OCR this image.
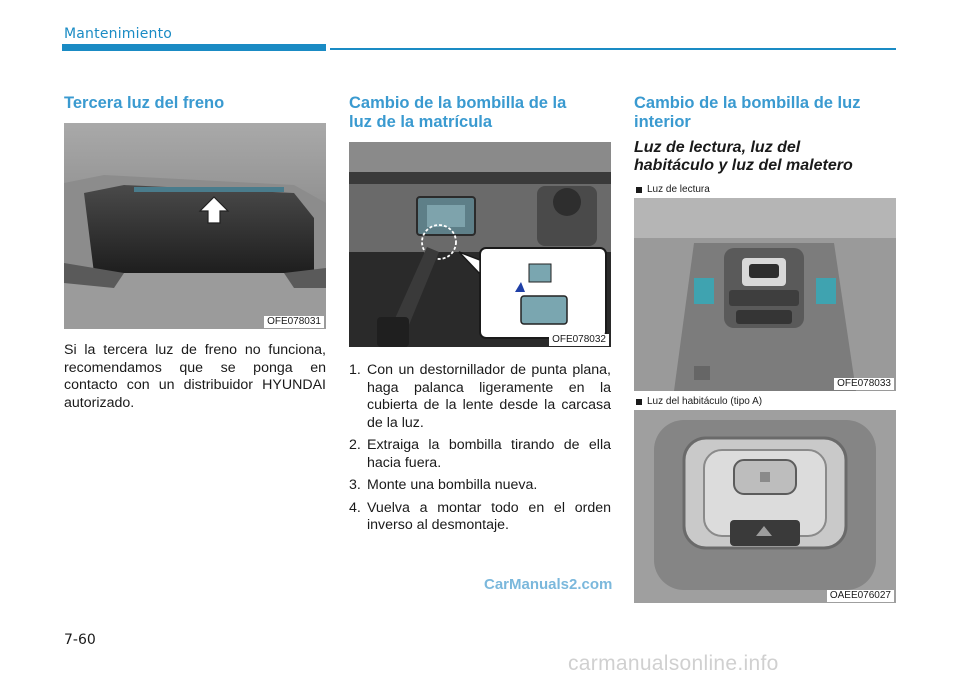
Mantenimiento
Tercera luz del freno
OFE078031
Si la tercera luz de freno no funciona, recomendamos que se ponga en contacto con un distribuidor HYUNDAI autorizado.
Cambio de la bombilla de la
luz de la matrícula
OFE078032
1. Con un destornillador de punta plana, haga palanca ligeramente en la cubierta de la lente desde la carcasa de la luz.
2. Extraiga la bombilla tirando de ella hacia fuera.
3. Monte una bombilla nueva.
4. Vuelva a montar todo en el orden inverso al desmontaje.
Cambio de la bombilla de luz
interior
Luz de lectura, luz del
habitáculo y luz del maletero
Luz de lectura
OFE078033
Luz del habitáculo (tipo A)
OAEE076027
CarManuals2.com
7-60
carmanualsonline.info
